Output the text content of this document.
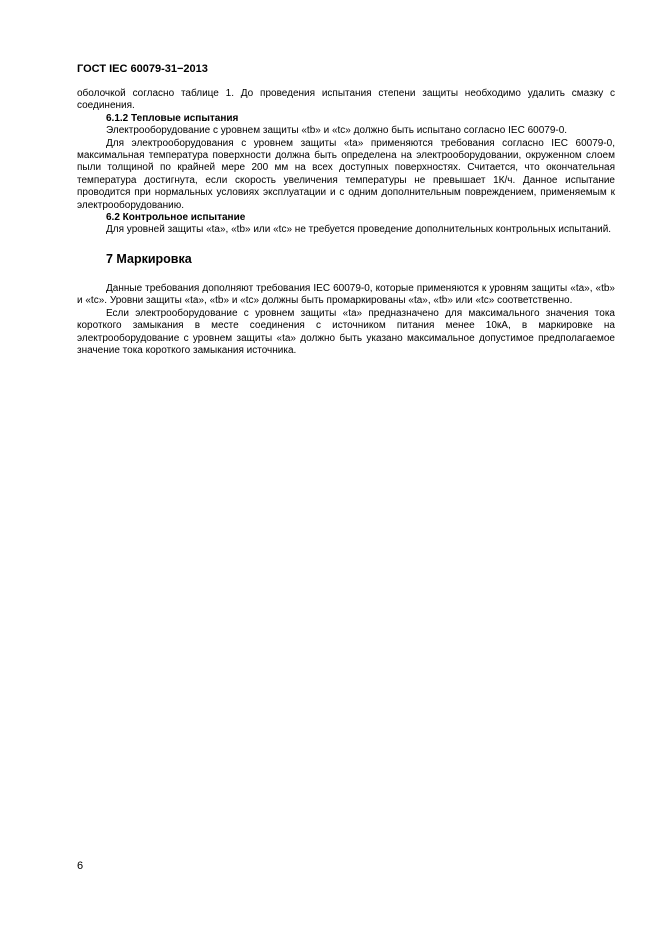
ГОСТ IEC 60079-31−2013

оболочкой согласно таблице 1. До проведения испытания степени защиты необходимо удалить смазку с соединения.

6.1.2 Тепловые испытания

Электрооборудование с уровнем защиты «tb» и «tc» должно быть испытано согласно IEC 60079-0.

Для электрооборудования с уровнем защиты «ta» применяются требования согласно IEC 60079-0, максимальная температура поверхности должна быть определена на электрооборудовании, окруженном слоем пыли толщиной по крайней мере 200 мм на всех доступных поверхностях. Считается, что окончательная температура достигнута, если скорость увеличения температуры не превышает 1К/ч. Данное испытание проводится при нормальных условиях эксплуатации и с одним дополнительным повреждением, применяемым к электрооборудованию.

6.2 Контрольное испытание

Для уровней защиты «ta», «tb» или «tc» не требуется проведение дополнительных контрольных испытаний.

7 Маркировка

Данные требования дополняют требования IEC 60079-0, которые применяются к уровням защиты «ta», «tb» и «tc». Уровни защиты «ta», «tb» и «tc» должны быть промаркированы «ta», «tb» или «tc» соответственно.

Если электрооборудование с уровнем защиты «ta» предназначено для максимального значения тока короткого замыкания в месте соединения с источником питания менее 10кА, в маркировке на электрооборудование с уровнем защиты «ta» должно быть указано максимальное допустимое предполагаемое значение тока короткого замыкания источника.

6
